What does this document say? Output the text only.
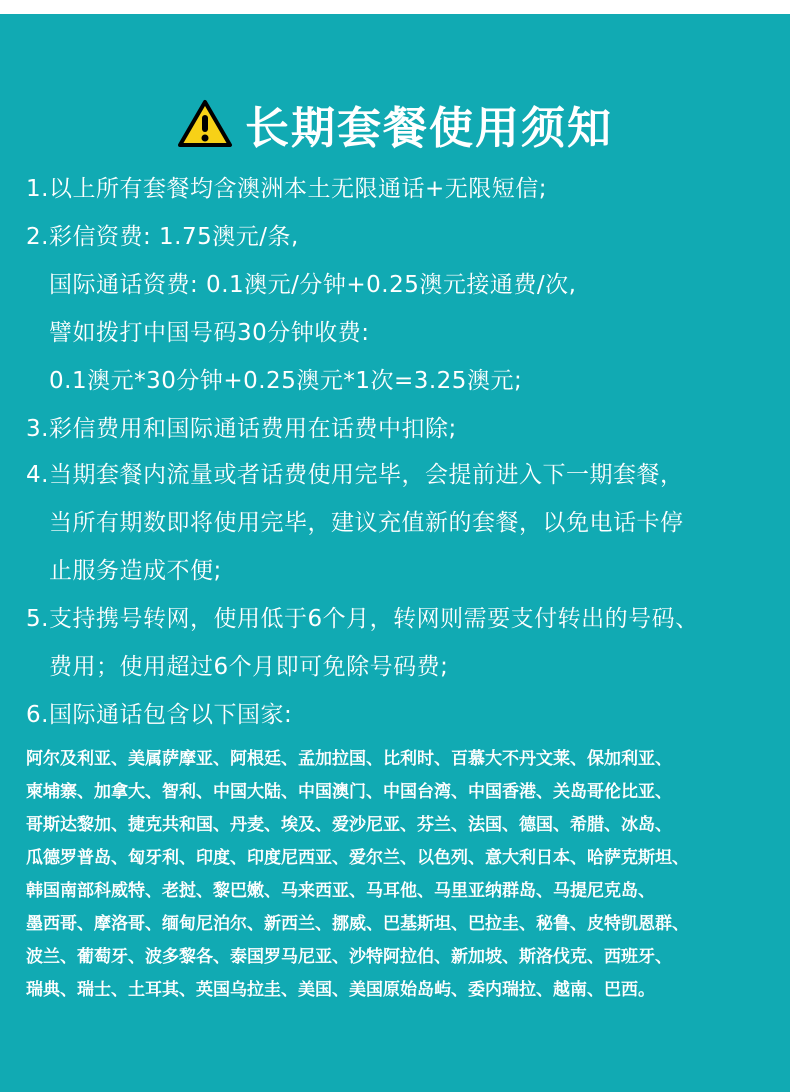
长期套餐使用须知
1.以上所有套餐均含澳洲本土无限通话+无限短信;
2.彩信资费: 1.75澳元/条,
国际通话资费: 0.1澳元/分钟+0.25澳元接通费/次,
譬如拨打中国号码30分钟收费:
0.1澳元*30分钟+0.25澳元*1次=3.25澳元;
3.彩信费用和国际通话费用在话费中扣除;
4.当期套餐内流量或者话费使用完毕，会提前进入下一期套餐，
当所有期数即将使用完毕，建议充值新的套餐，以免电话卡停
止服务造成不便;
5.支持携号转网，使用低于6个月，转网则需要支付转出的号码、
费用；使用超过6个月即可免除号码费;
6.国际通话包含以下国家:
阿尔及利亚、美属萨摩亚、阿根廷、孟加拉国、比利时、百慕大不丹文莱、保加利亚、
柬埔寨、加拿大、智利、中国大陆、中国澳门、中国台湾、中国香港、关岛哥伦比亚、
哥斯达黎加、捷克共和国、丹麦、埃及、爱沙尼亚、芬兰、法国、德国、希腊、冰岛、
瓜德罗普岛、匈牙利、印度、印度尼西亚、爱尔兰、以色列、意大利日本、哈萨克斯坦、
韩国南部科威特、老挝、黎巴嫩、马来西亚、马耳他、马里亚纳群岛、马提尼克岛、
墨西哥、摩洛哥、缅甸尼泊尔、新西兰、挪威、巴基斯坦、巴拉圭、秘鲁、皮特凯恩群、
波兰、葡萄牙、波多黎各、泰国罗马尼亚、沙特阿拉伯、新加坡、斯洛伐克、西班牙、
瑞典、瑞士、土耳其、英国乌拉圭、美国、美国原始岛屿、委内瑞拉、越南、巴西。
